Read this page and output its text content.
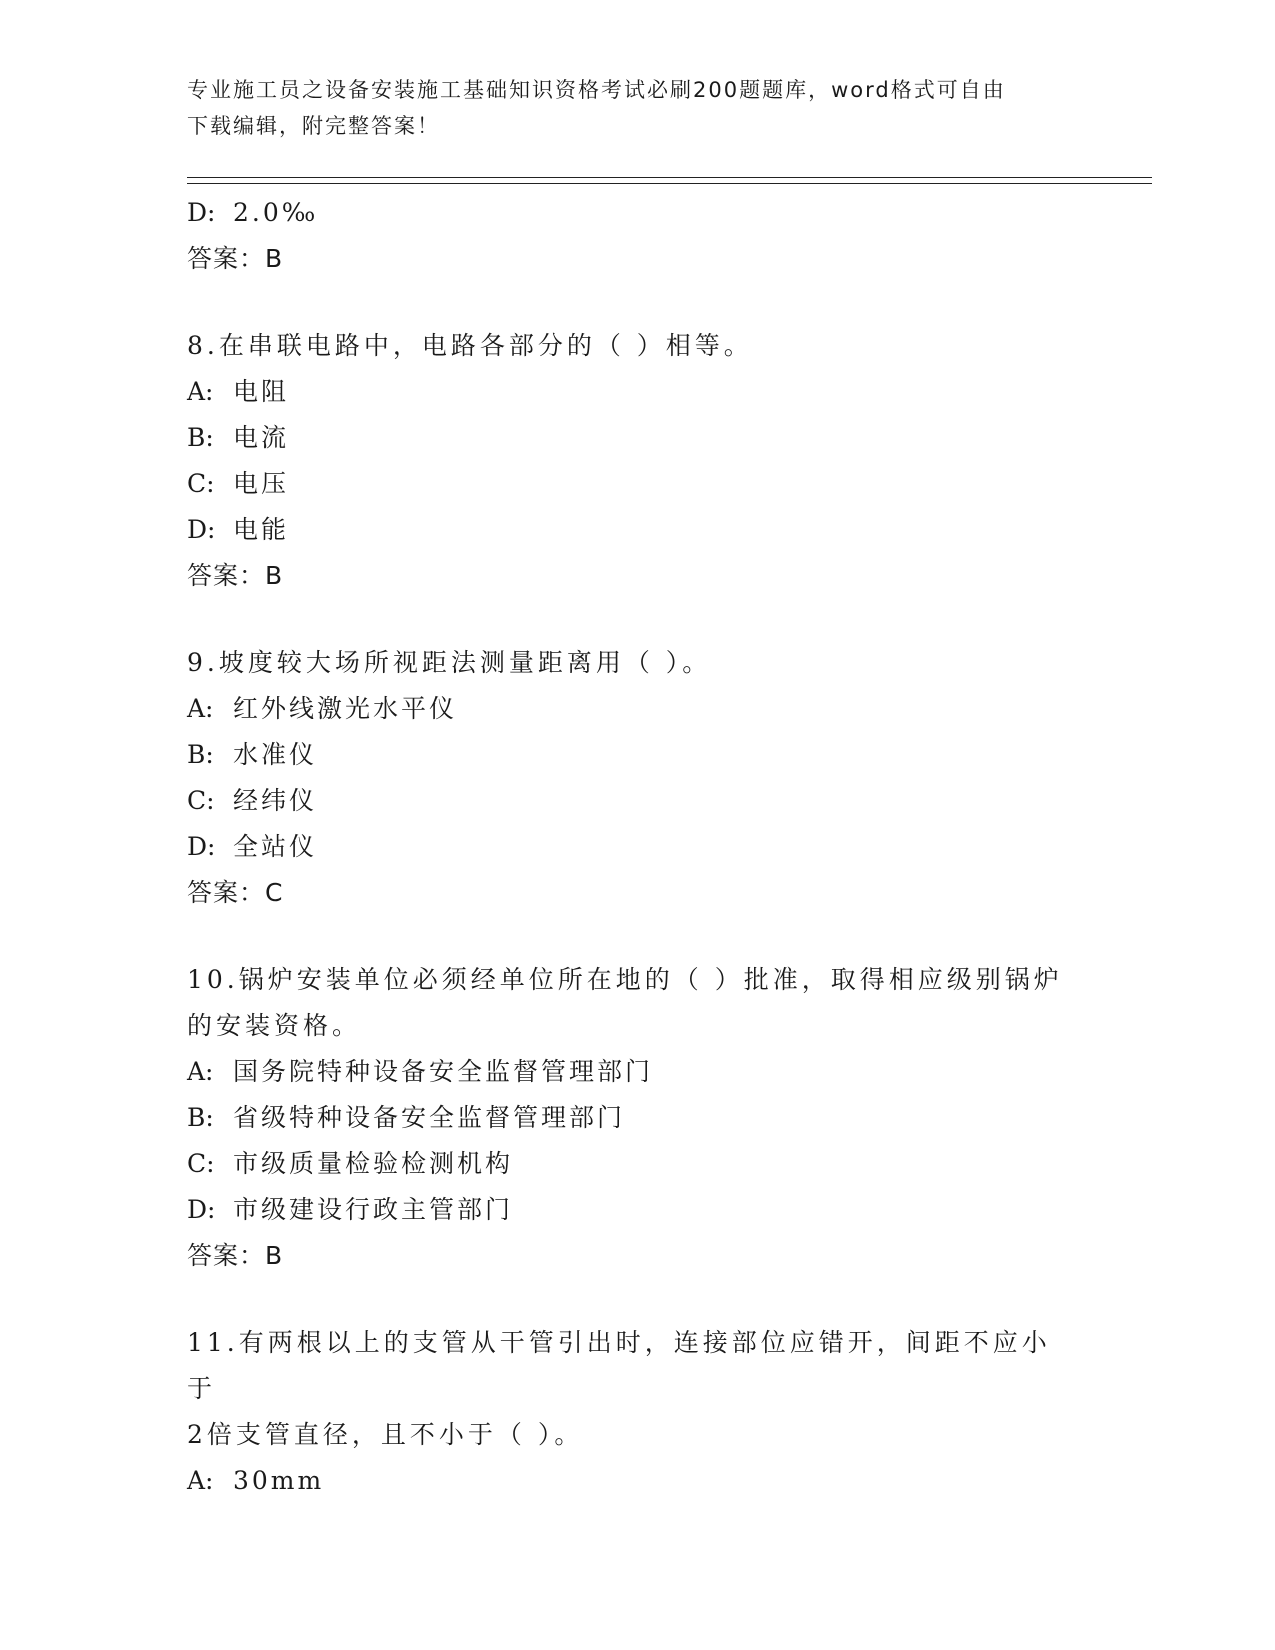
专业施工员之设备安装施工基础知识资格考试必刷200题题库，word格式可自由
下载编辑，附完整答案！
D: 2.0‰
答案：B
8.在串联电路中，电路各部分的（ ）相等。
A: 电阻
B: 电流
C: 电压
D: 电能
答案：B
9.坡度较大场所视距法测量距离用（ ）。
A: 红外线激光水平仪
B: 水准仪
C: 经纬仪
D: 全站仪
答案：C
10.锅炉安装单位必须经单位所在地的（ ）批准，取得相应级别锅炉
的安装资格。
A: 国务院特种设备安全监督管理部门
B: 省级特种设备安全监督管理部门
C: 市级质量检验检测机构
D: 市级建设行政主管部门
答案：B
11.有两根以上的支管从干管引出时，连接部位应错开，间距不应小于
2倍支管直径，且不小于（ ）。
A: 30mm
